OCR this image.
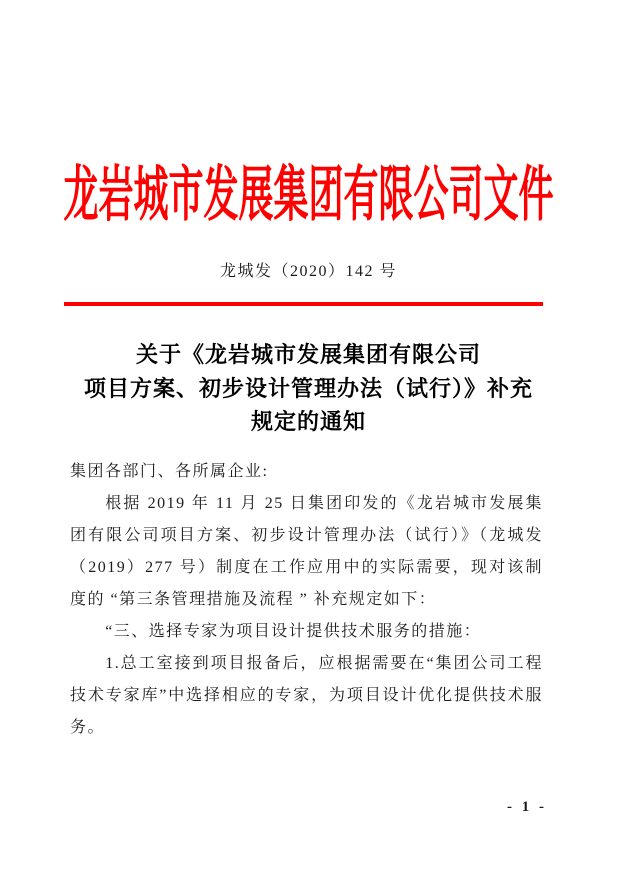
龙岩城市发展集团有限公司文件
龙城发（2020）142 号
关于《龙岩城市发展集团有限公司
项目方案、初步设计管理办法（试行）》补充
规定的通知

集团各部门、各所属企业:

根据 2019 年 11 月 25 日集团印发的《龙岩城市发展集团有限公司项目方案、初步设计管理办法（试行）》（龙城发（2019）277 号）制度在工作应用中的实际需要，现对该制度的 “第三条管理措施及流程 ” 补充规定如下：

“三、选择专家为项目设计提供技术服务的措施：

1.总工室接到项目报备后，应根据需要在“集团公司工程技术专家库”中选择相应的专家，为项目设计优化提供技术服务。

- 1 -
